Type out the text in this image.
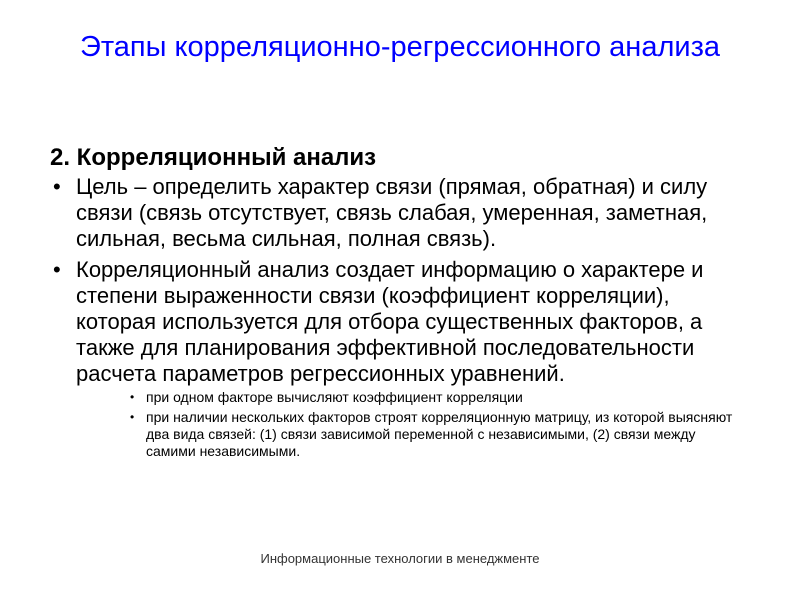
Этапы корреляционно-регрессионного анализа
2. Корреляционный анализ
• Цель – определить характер связи (прямая, обратная) и силу связи (связь отсутствует, связь слабая, умеренная, заметная, сильная, весьма сильная, полная связь).
• Корреляционный анализ создает информацию о характере и степени выраженности связи (коэффициент корреляции), которая используется для отбора существенных факторов, а также для планирования эффективной последовательности расчета параметров регрессионных уравнений.
• при одном факторе вычисляют коэффициент корреляции
• при наличии нескольких факторов строят корреляционную матрицу, из которой выясняют два вида связей: (1) связи зависимой переменной с независимыми, (2) связи между самими независимыми.
Информационные технологии в менеджменте
